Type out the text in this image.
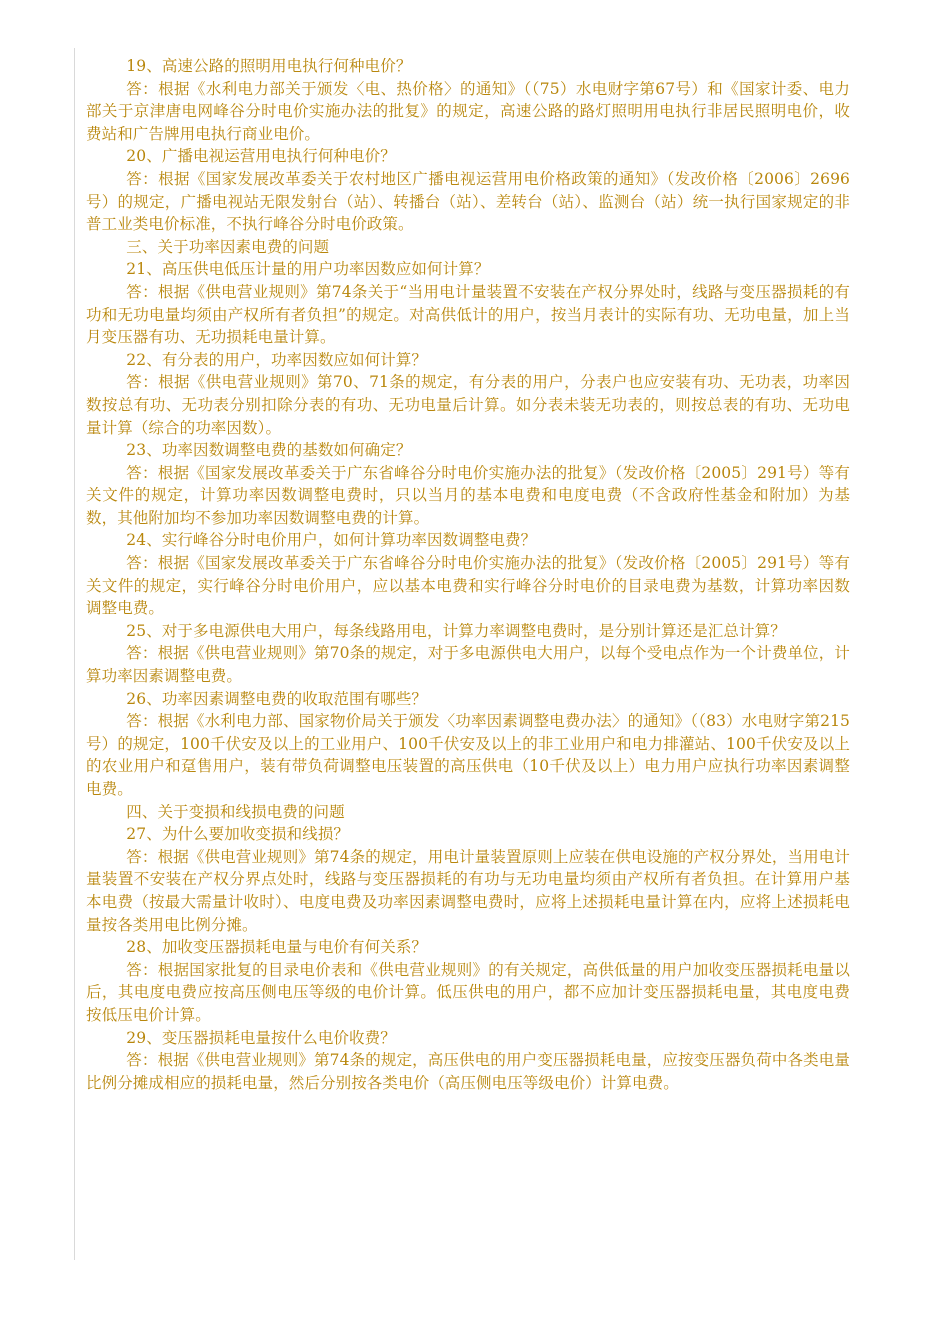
19、高速公路的照明用电执行何种电价？

答：根据《水利电力部关于颁发〈电、热价格〉的通知》（（75）水电财字第67号）和《国家计委、电力部关于京津唐电网峰谷分时电价实施办法的批复》的规定，高速公路的路灯照明用电执行非居民照明电价，收费站和广告牌用电执行商业电价。

20、广播电视运营用电执行何种电价？

答：根据《国家发展改革委关于农村地区广播电视运营用电价格政策的通知》（发改价格〔2006〕2696号）的规定，广播电视站无限发射台（站）、转播台（站）、差转台（站）、监测台（站）统一执行国家规定的非普工业类电价标准，不执行峰谷分时电价政策。

三、关于功率因素电费的问题

21、高压供电低压计量的用户功率因数应如何计算？

答：根据《供电营业规则》第74条关于“当用电计量装置不安装在产权分界处时，线路与变压器损耗的有功和无功电量均须由产权所有者负担”的规定。对高供低计的用户，按当月表计的实际有功、无功电量，加上当月变压器有功、无功损耗电量计算。

22、有分表的用户，功率因数应如何计算？

答：根据《供电营业规则》第70、71条的规定，有分表的用户，分表户也应安装有功、无功表，功率因数按总有功、无功表分别扣除分表的有功、无功电量后计算。如分表未装无功表的，则按总表的有功、无功电量计算（综合的功率因数）。

23、功率因数调整电费的基数如何确定？

答：根据《国家发展改革委关于广东省峰谷分时电价实施办法的批复》（发改价格〔2005〕291号）等有关文件的规定，计算功率因数调整电费时，只以当月的基本电费和电度电费（不含政府性基金和附加）为基数，其他附加均不参加功率因数调整电费的计算。

24、实行峰谷分时电价用户，如何计算功率因数调整电费？

答：根据《国家发展改革委关于广东省峰谷分时电价实施办法的批复》（发改价格〔2005〕291号）等有关文件的规定，实行峰谷分时电价用户，应以基本电费和实行峰谷分时电价的目录电费为基数，计算功率因数调整电费。

25、对于多电源供电大用户，每条线路用电，计算力率调整电费时，是分别计算还是汇总计算？

答：根据《供电营业规则》第70条的规定，对于多电源供电大用户，以每个受电点作为一个计费单位，计算功率因素调整电费。

26、功率因素调整电费的收取范围有哪些？

答：根据《水利电力部、国家物价局关于颁发〈功率因素调整电费办法〉的通知》（（83）水电财字第215号）的规定，100千伏安及以上的工业用户、100千伏安及以上的非工业用户和电力排灌站、100千伏安及以上的农业用户和趸售用户，装有带负荷调整电压装置的高压供电（10千伏及以上）电力用户应执行功率因素调整电费。

四、关于变损和线损电费的问题

27、为什么要加收变损和线损？

答：根据《供电营业规则》第74条的规定，用电计量装置原则上应装在供电设施的产权分界处，当用电计量装置不安装在产权分界点处时，线路与变压器损耗的有功与无功电量均须由产权所有者负担。在计算用户基本电费（按最大需量计收时）、电度电费及功率因素调整电费时，应将上述损耗电量计算在内，应将上述损耗电量按各类用电比例分摊。

28、加收变压器损耗电量与电价有何关系？

答：根据国家批复的目录电价表和《供电营业规则》的有关规定，高供低量的用户加收变压器损耗电量以后，其电度电费应按高压侧电压等级的电价计算。低压供电的用户，都不应加计变压器损耗电量，其电度电费按低压电价计算。

29、变压器损耗电量按什么电价收费？

答：根据《供电营业规则》第74条的规定，高压供电的用户变压器损耗电量，应按变压器负荷中各类电量比例分摊成相应的损耗电量，然后分别按各类电价（高压侧电压等级电价）计算电费。
